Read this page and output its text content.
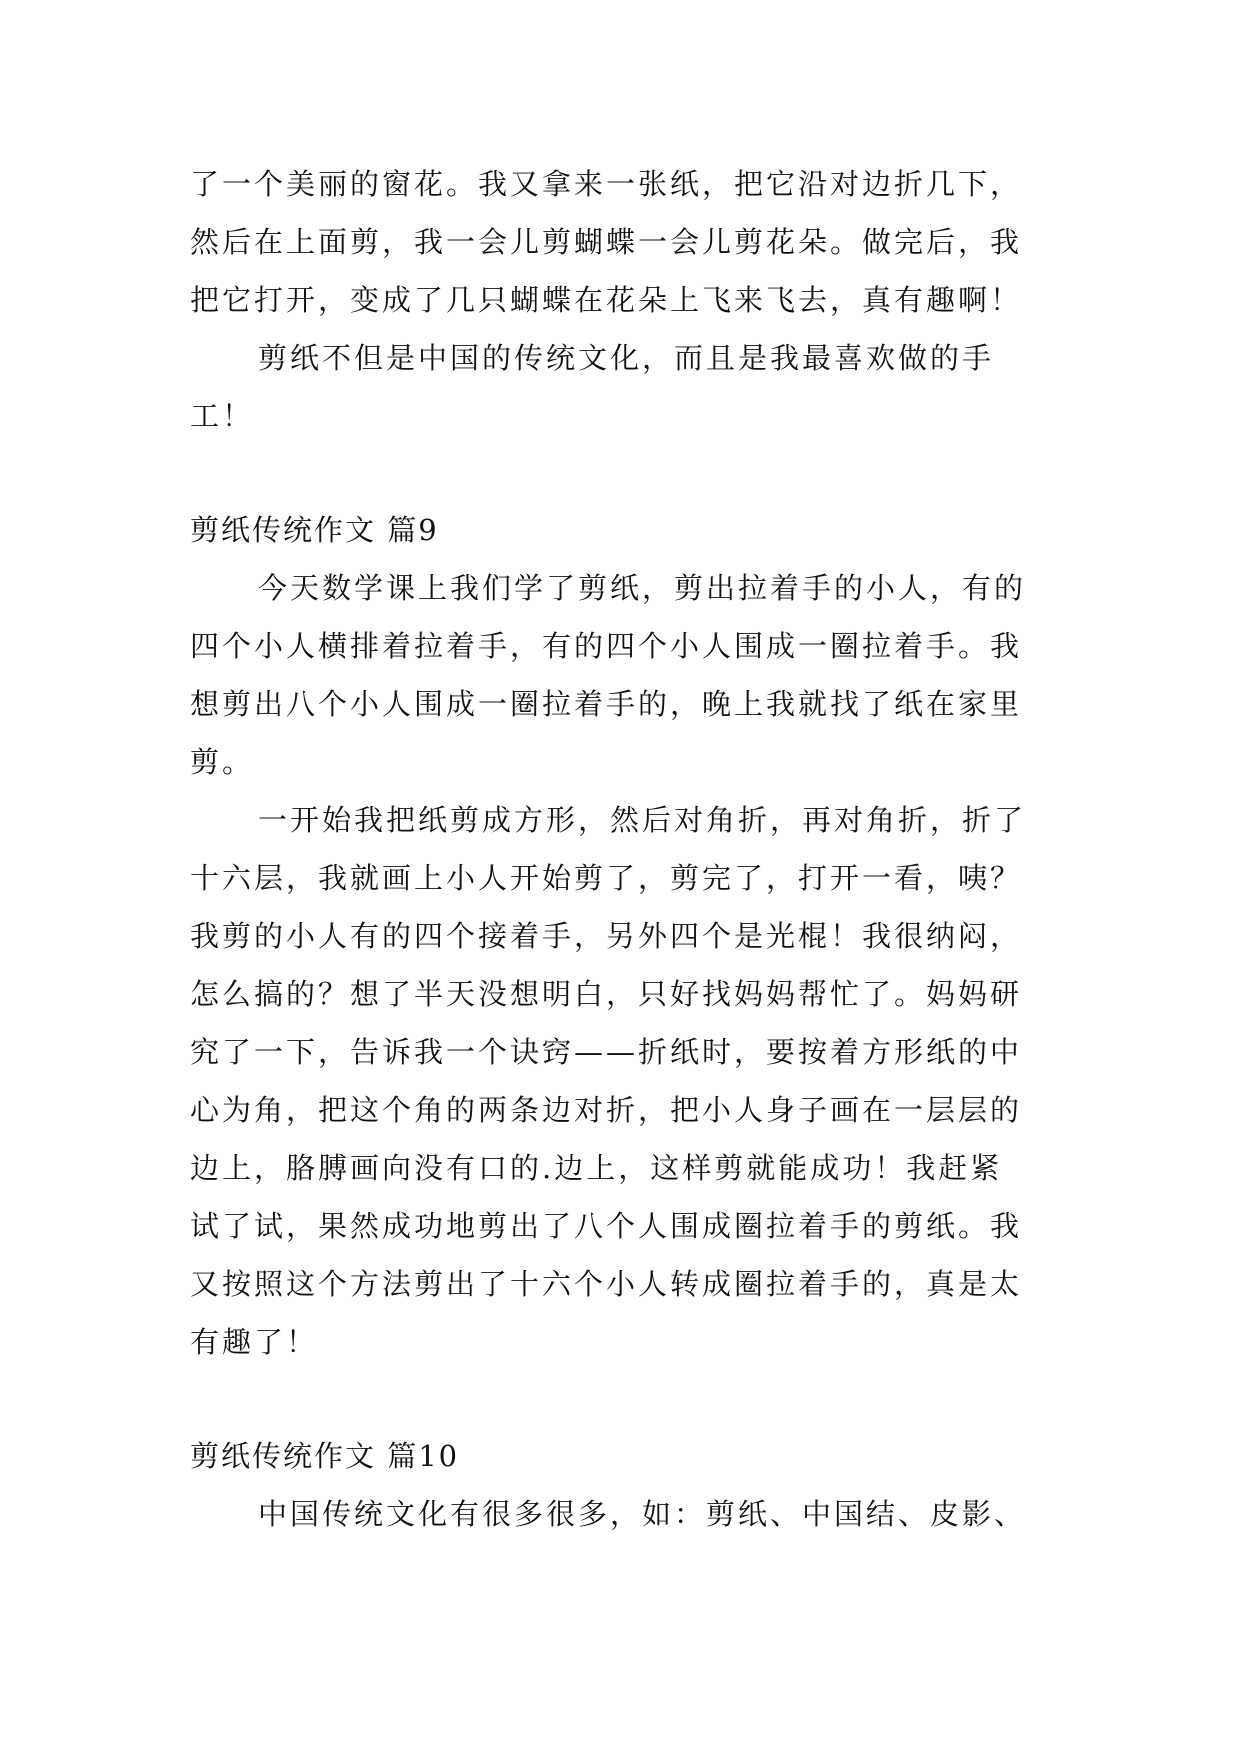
了一个美丽的窗花。我又拿来一张纸，把它沿对边折几下，
然后在上面剪，我一会儿剪蝴蝶一会儿剪花朵。做完后，我
把它打开，变成了几只蝴蝶在花朵上飞来飞去，真有趣啊！
剪纸不但是中国的传统文化，而且是我最喜欢做的手
工！
剪纸传统作文 篇9
今天数学课上我们学了剪纸，剪出拉着手的小人，有的
四个小人横排着拉着手，有的四个小人围成一圈拉着手。我
想剪出八个小人围成一圈拉着手的，晚上我就找了纸在家里
剪。
一开始我把纸剪成方形，然后对角折，再对角折，折了
十六层，我就画上小人开始剪了，剪完了，打开一看，咦？
我剪的小人有的四个接着手，另外四个是光棍！我很纳闷，
怎么搞的？想了半天没想明白，只好找妈妈帮忙了。妈妈研
究了一下，告诉我一个诀窍——折纸时，要按着方形纸的中
心为角，把这个角的两条边对折，把小人身子画在一层层的
边上，胳膊画向没有口的.边上，这样剪就能成功！我赶紧
试了试，果然成功地剪出了八个人围成圈拉着手的剪纸。我
又按照这个方法剪出了十六个小人转成圈拉着手的，真是太
有趣了！
剪纸传统作文 篇10
中国传统文化有很多很多，如：剪纸、中国结、皮影、
